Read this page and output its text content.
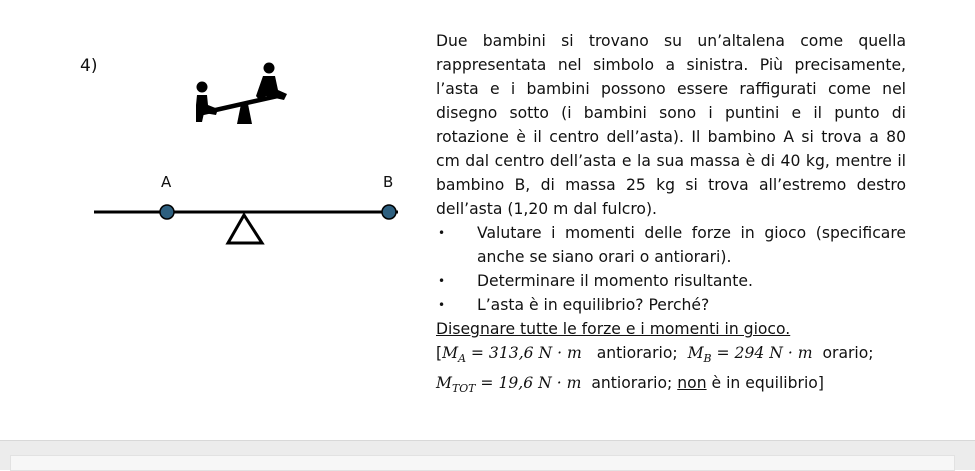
4)
A	B
Due bambini si trovano su un’altalena come quella
rappresentata nel simbolo a sinistra. Più precisamente,
l’asta e i bambini possono essere raffigurati come nel
disegno sotto (i bambini sono i puntini e il punto di
rotazione è il centro dell’asta). Il bambino A si trova a 80
cm dal centro dell’asta e la sua massa è di 40 kg, mentre il
bambino B, di massa 25 kg si trova all’estremo destro
dell’asta (1,20 m dal fulcro).
• Valutare i momenti delle forze in gioco (specificare
anche se siano orari o antiorari).
• Determinare il momento risultante.
• L’asta è in equilibrio? Perché?
Disegnare tutte le forze e i momenti in gioco.
[$M_A = 313,6$ N · m antiorario; $M_B = 294$ N · m orario;
$M_{TOT} = 19,6$ N · m antiorario; non è in equilibrio]
